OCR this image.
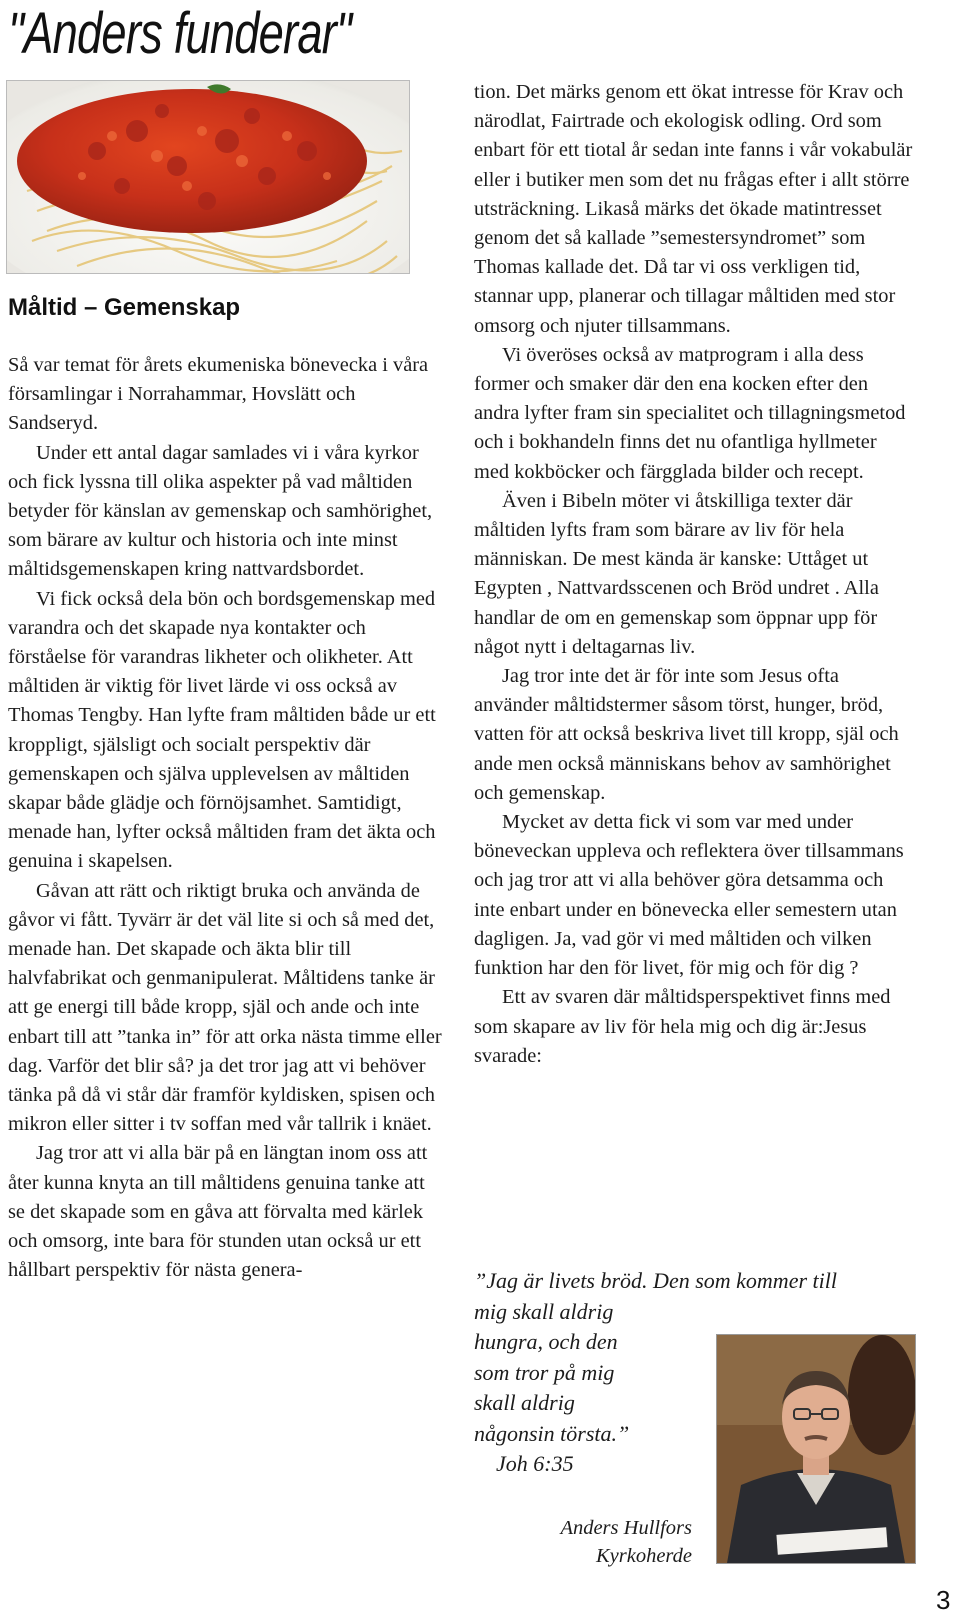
"Anders funderar"
Måltid – Gemenskap

Så var temat för årets ekumeniska bönevecka i våra församlingar i Norrahammar, Hovslätt och Sandseryd.

Under ett antal dagar samlades vi i våra kyrkor och fick lyssna till olika aspekter på vad måltiden betyder för känslan av gemenskap och samhörighet, som bärare av kultur och historia och inte minst måltidsgemenskapen kring nattvardsbordet.

Vi fick också dela bön och bordsgemenskap med varandra och det skapade nya kontakter och förståelse för varandras likheter och olikheter. Att måltiden är viktig för livet lärde vi oss också av Thomas Tengby. Han lyfte fram måltiden både ur ett kroppligt, själsligt och socialt perspektiv där gemenskapen och själva upplevelsen av måltiden skapar både glädje och förnöjsamhet. Samtidigt, menade han, lyfter också måltiden fram det äkta och genuina i skapelsen.

Gåvan att rätt och riktigt bruka och använda de gåvor vi fått. Tyvärr är det väl lite si och så med det, menade han. Det skapade och äkta blir till halvfabrikat och genmanipulerat. Måltidens tanke är att ge energi till både kropp, själ och ande och inte enbart till att ”tanka in” för att orka nästa timme eller dag. Varför det blir så? ja det tror jag att vi behöver tänka på då vi står där framför kyldisken, spisen och mikron eller sitter i tv soffan med vår tallrik i knäet.

Jag tror att vi alla bär på en längtan inom oss att åter kunna knyta an till måltidens genuina tanke att se det skapade som en gåva att förvalta med kärlek och omsorg, inte bara för stunden utan också ur ett hållbart perspektiv för nästa genera-

tion. Det märks genom ett ökat intresse för Krav och närodlat, Fairtrade och ekologisk odling. Ord som enbart för ett tiotal år sedan inte fanns i vår vokabulär eller i butiker men som det nu frågas efter i allt större utsträckning. Likaså märks det ökade matintresset genom det så kallade ”semestersyndromet” som Thomas kallade det. Då tar vi oss verkligen tid, stannar upp, planerar och tillagar måltiden med stor omsorg och njuter tillsammans.

Vi överöses också av matprogram i alla dess former och smaker där den ena kocken efter den andra lyfter fram sin specialitet och tillagningsmetod och i bokhandeln finns det nu ofantliga hyllmeter med kokböcker och färgglada bilder och recept.

Även i Bibeln möter vi åtskilliga texter där måltiden lyfts fram som bärare av liv för hela människan. De mest kända är kanske: Uttåget ut Egypten , Nattvardsscenen och Bröd undret . Alla handlar de om en gemenskap som öppnar upp för något nytt i deltagarnas liv.

Jag tror inte det är för inte som Jesus ofta använder måltidstermer såsom törst, hunger, bröd, vatten för att också beskriva livet till kropp, själ och ande men också människans behov av samhörighet och gemenskap.

Mycket av detta fick vi som var med under böneveckan uppleva och reflektera över tillsammans och jag tror att vi alla behöver göra detsamma och inte enbart under en bönevecka eller semestern utan dagligen. Ja, vad gör vi med måltiden och vilken funktion har den för livet, för mig och för dig ?

Ett av svaren där måltidsperspektivet finns med som skapare av liv för hela mig och dig är:Jesus svarade:

”Jag är livets bröd. Den som kommer till
mig skall aldrig
hungra, och den
som tror på mig
skall aldrig
någonsin törsta.”
Joh 6:35
Anders Hullfors
Kyrkoherde
3
